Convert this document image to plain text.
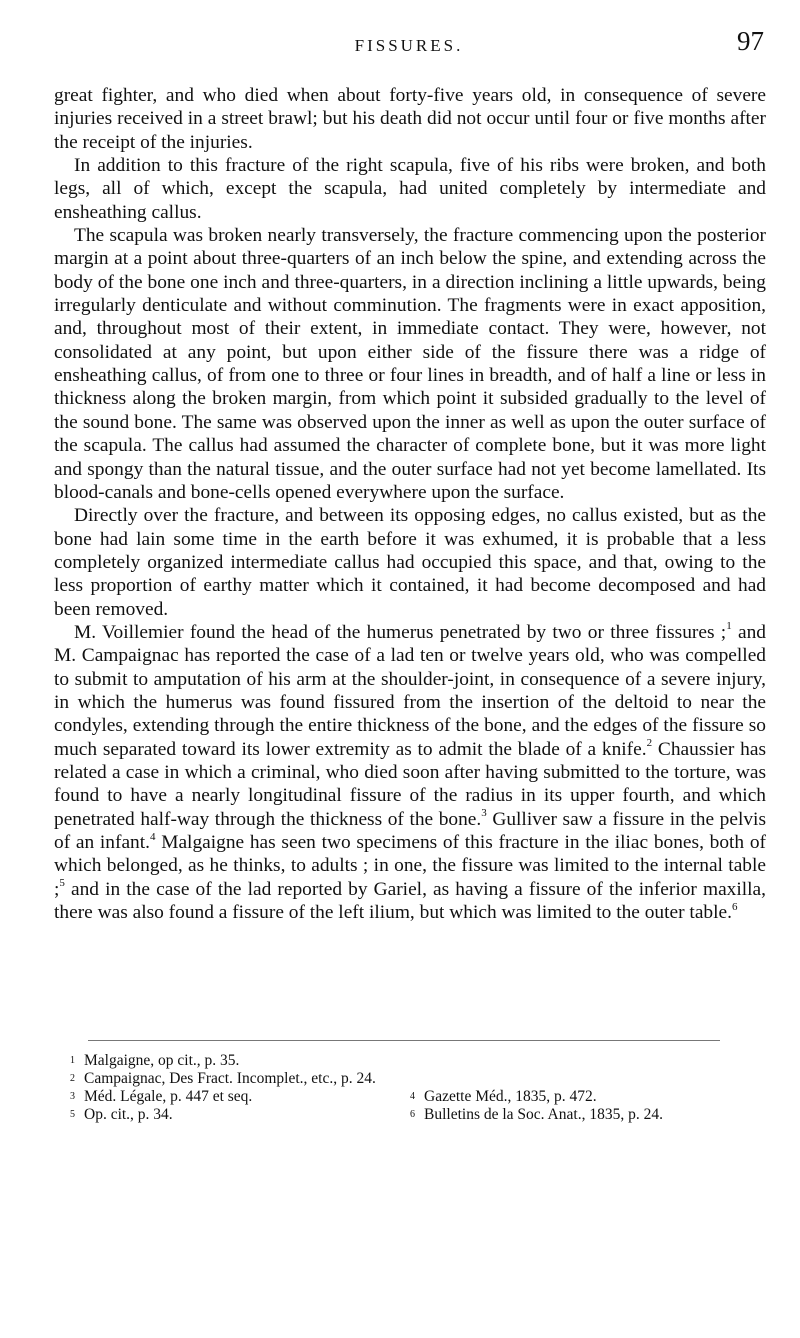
FISSURES.	97

great fighter, and who died when about forty-five years old, in consequence of severe injuries received in a street brawl; but his death did not occur until four or five months after the receipt of the injuries.

In addition to this fracture of the right scapula, five of his ribs were broken, and both legs, all of which, except the scapula, had united completely by intermediate and ensheathing callus.

The scapula was broken nearly transversely, the fracture commencing upon the posterior margin at a point about three-quarters of an inch below the spine, and extending across the body of the bone one inch and three-quarters, in a direction inclining a little upwards, being irregularly denticulate and without comminution. The fragments were in exact apposition, and, throughout most of their extent, in immediate contact. They were, however, not consolidated at any point, but upon either side of the fissure there was a ridge of ensheathing callus, of from one to three or four lines in breadth, and of half a line or less in thickness along the broken margin, from which point it subsided gradually to the level of the sound bone. The same was observed upon the inner as well as upon the outer surface of the scapula. The callus had assumed the character of complete bone, but it was more light and spongy than the natural tissue, and the outer surface had not yet become lamellated. Its blood-canals and bone-cells opened everywhere upon the surface.

Directly over the fracture, and between its opposing edges, no callus existed, but as the bone had lain some time in the earth before it was exhumed, it is probable that a less completely organized intermediate callus had occupied this space, and that, owing to the less proportion of earthy matter which it contained, it had become decomposed and had been removed.

M. Voillemier found the head of the humerus penetrated by two or three fissures ;$^1$ and M. Campaignac has reported the case of a lad ten or twelve years old, who was compelled to submit to amputation of his arm at the shoulder-joint, in consequence of a severe injury, in which the humerus was found fissured from the insertion of the deltoid to near the condyles, extending through the entire thickness of the bone, and the edges of the fissure so much separated toward its lower extremity as to admit the blade of a knife.$^2$ Chaussier has related a case in which a criminal, who died soon after having submitted to the torture, was found to have a nearly longitudinal fissure of the radius in its upper fourth, and which penetrated half-way through the thickness of the bone.$^3$ Gulliver saw a fissure in the pelvis of an infant.$^4$ Malgaigne has seen two specimens of this fracture in the iliac bones, both of which belonged, as he thinks, to adults ; in one, the fissure was limited to the internal table ;$^5$ and in the case of the lad reported by Gariel, as having a fissure of the inferior maxilla, there was also found a fissure of the left ilium, but which was limited to the outer table.$^6$

1 Malgaigne, op cit., p. 35.
2 Campaignac, Des Fract. Incomplet., etc., p. 24.
3 Méd. Légale, p. 447 et seq.	4 Gazette Méd., 1835, p. 472.
5 Op. cit., p. 34.	6 Bulletins de la Soc. Anat., 1835, p. 24.
